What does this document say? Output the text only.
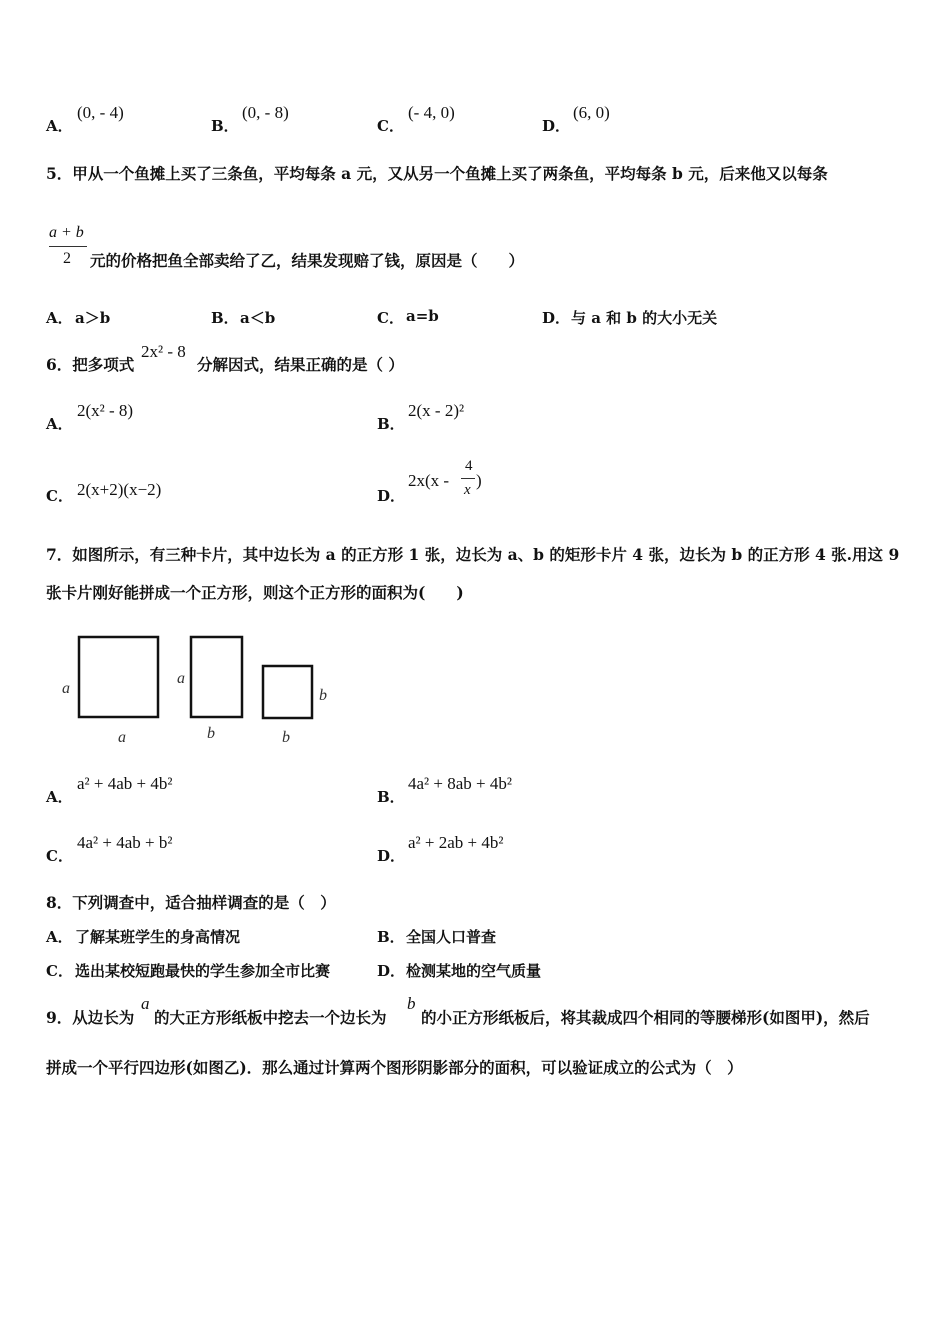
A．
(0, - 4)
B．
(0, - 8)
C．
(- 4, 0)
D．
(6, 0)
5．甲从一个鱼摊上买了三条鱼，平均每条 a 元，又从另一个鱼摊上买了两条鱼，平均每条 b 元，后来他又以每条
a + b
2 元的价格把鱼全部卖给了乙，结果发现赔了钱，原因是（　　）
A． a＞b	B． a＜b	C． a=b	D． 与 a 和 b 的大小无关
6．把多项式
2x² - 8
分解因式，结果正确的是（ ）
A．
2(x² - 8)
B．
2(x - 2)²
C． 2(x+2)(x−2)	D．
2x(x -
4
x )
7．如图所示，有三种卡片，其中边长为 a 的正方形 1 张，边长为 a、b 的矩形卡片 4 张，边长为 b 的正方形 4 张.用这 9
张卡片刚好能拼成一个正方形，则这个正方形的面积为(　　)
a
a
a
b
b
b
A．
a² + 4ab + 4b²
B．
4a² + 8ab + 4b²
C．
4a² + 4ab + b²
D．
a² + 2ab + 4b²
8．下列调查中，适合抽样调查的是（　）
A． 了解某班学生的身高情况	B． 全国人口普查
C． 选出某校短跑最快的学生参加全市比赛	D． 检测某地的空气质量
9．从边长为
a
的大正方形纸板中挖去一个边长为
b
的小正方形纸板后，将其裁成四个相同的等腰梯形(如图甲)，然后
拼成一个平行四边形(如图乙)．那么通过计算两个图形阴影部分的面积，可以验证成立的公式为（　）
